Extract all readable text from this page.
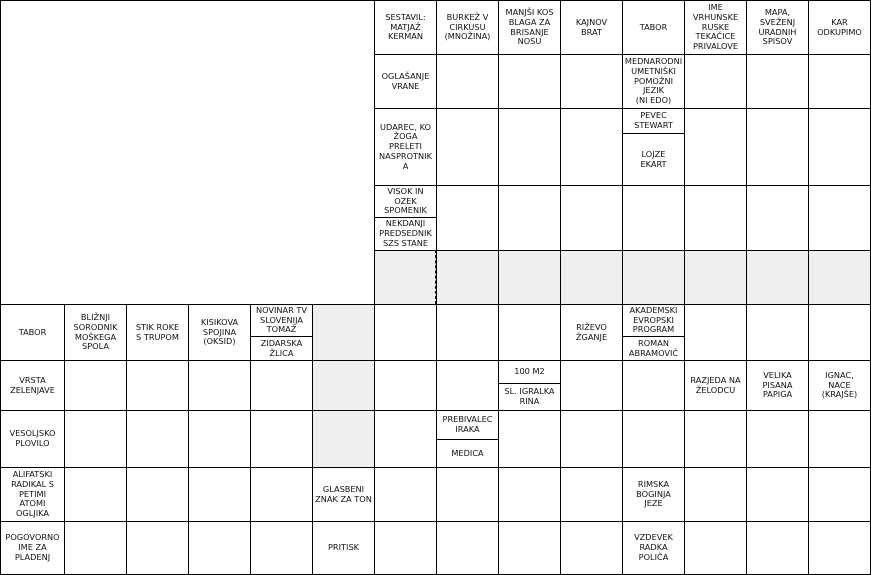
SESTAVIL:
MATJAŽ
KERMAN
BURKEŽ V
CIRKUSU
(MNOŽINA)
MANJŠI KOS
BLAGA ZA
BRISANJE
NOSU
KAJNOV
BRAT	TABOR
IME
VRHUNSKE
RUSKE
TEKAČICE
PRIVALOVE
MAPA,
SVEŽENJ
URADNIH
SPISOV
KAR
ODKUPIMO
OGLAŠANJE
VRANE
UDAREC, KO
ŽOGA
PRELETI
NASPROTNIK
A
VISOK IN
OZEK
SPOMENIK
NEKDANJI
PREDSEDNIK
SZS STANE
MEDNARODNI
UMETNIŠKI
POMOŽNI
JEZIK
(NI EDO)
PEVEC
STEWART
LOJZE
EKART
TABOR
BLIŽNJI
SORODNIK
MOŠKEGA
SPOLA
STIK ROKE
S TRUPOM
KISIKOVA
SPOJINA
(OKSID)
NOVINAR TV
SLOVENIJA
TOMAŽ
ZIDARSKA
ŽLICA
RIŽEVO
ŽGANJE
AKADEMSKI
EVROPSKI
PROGRAM
ROMAN
ABRAMOVIČ
VRSTA
ZELENJAVE
100 M2
SL. IGRALKA
RINA
RAZJEDA NA
ŽELODCU
VELIKA
PISANA
PAPIGA
IGNAC,
NACE
(KRAJŠE)
VESOLJSKO
PLOVILO
PREBIVALEC
IRAKA
MEDICA
ALIFATSKI
RADIKAL S
PETIMI
ATOMI
OGLJIKA
GLASBENI
ZNAK ZA TON
RIMSKA
BOGINJA
JEZE
POGOVORNO
IME ZA
PLADENJ
PRITISK
VZDEVEK
RADKA
POLIČA
